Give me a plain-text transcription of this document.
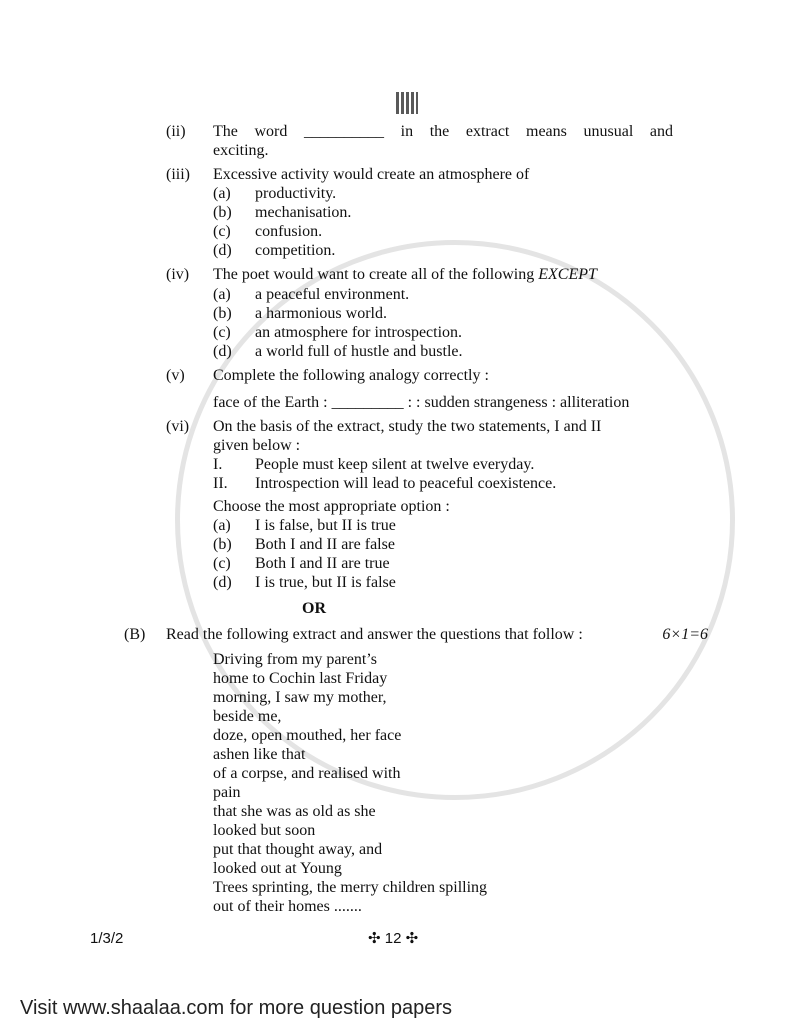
(ii) The word __________ in the extract means unusual and
exciting.
(iii) Excessive activity would create an atmosphere of
(a) productivity.
(b) mechanisation.
(c) confusion.
(d) competition.
(iv) The poet would want to create all of the following EXCEPT
(a) a peaceful environment.
(b) a harmonious world.
(c) an atmosphere for introspection.
(d) a world full of hustle and bustle.
(v) Complete the following analogy correctly :
face of the Earth : _________ : : sudden strangeness : alliteration
(vi) On the basis of the extract, study the two statements, I and II
given below :
I. People must keep silent at twelve everyday.
II. Introspection will lead to peaceful coexistence.
Choose the most appropriate option :
(a) I is false, but II is true
(b) Both I and II are false
(c) Both I and II are true
(d) I is true, but II is false
OR
(B) Read the following extract and answer the questions that follow :	6×1=6
Driving from my parent’s
home to Cochin last Friday
morning, I saw my mother,
beside me,
doze, open mouthed, her face
ashen like that
of a corpse, and realised with
pain
that she was as old as she
looked but soon
put that thought away, and
looked out at Young
Trees sprinting, the merry children spilling
out of their homes .......
1/3/2	✣ 12 ✣
Visit www.shaalaa.com for more question papers
